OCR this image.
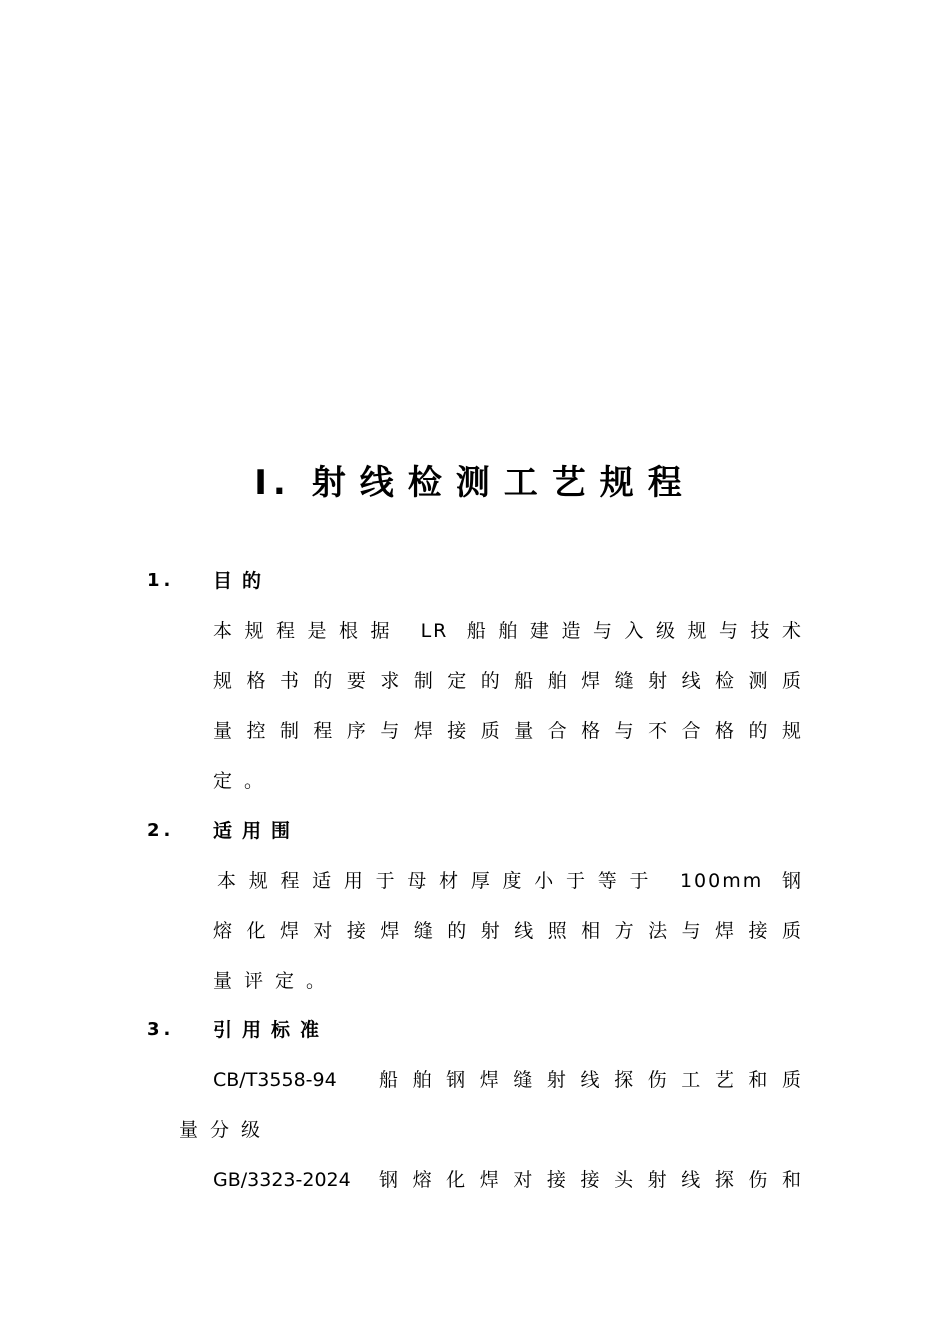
I. 射线检测工艺规程
1. 目的
本规程是根据 LR 船舶建造与入级规与技术
规格书的要求制定的船舶焊缝射线检测质
量控制程序与焊接质量合格与不合格的规
定。
2. 适用围
本规程适用于母材厚度小于等于 100mm 钢
熔化焊对接焊缝的射线照相方法与焊接质
量评定。
3. 引用标准
CB/T3558-94	船舶钢焊缝射线探伤工艺和质
量分级
GB/3323-2024	钢熔化焊对接接头射线探伤和
